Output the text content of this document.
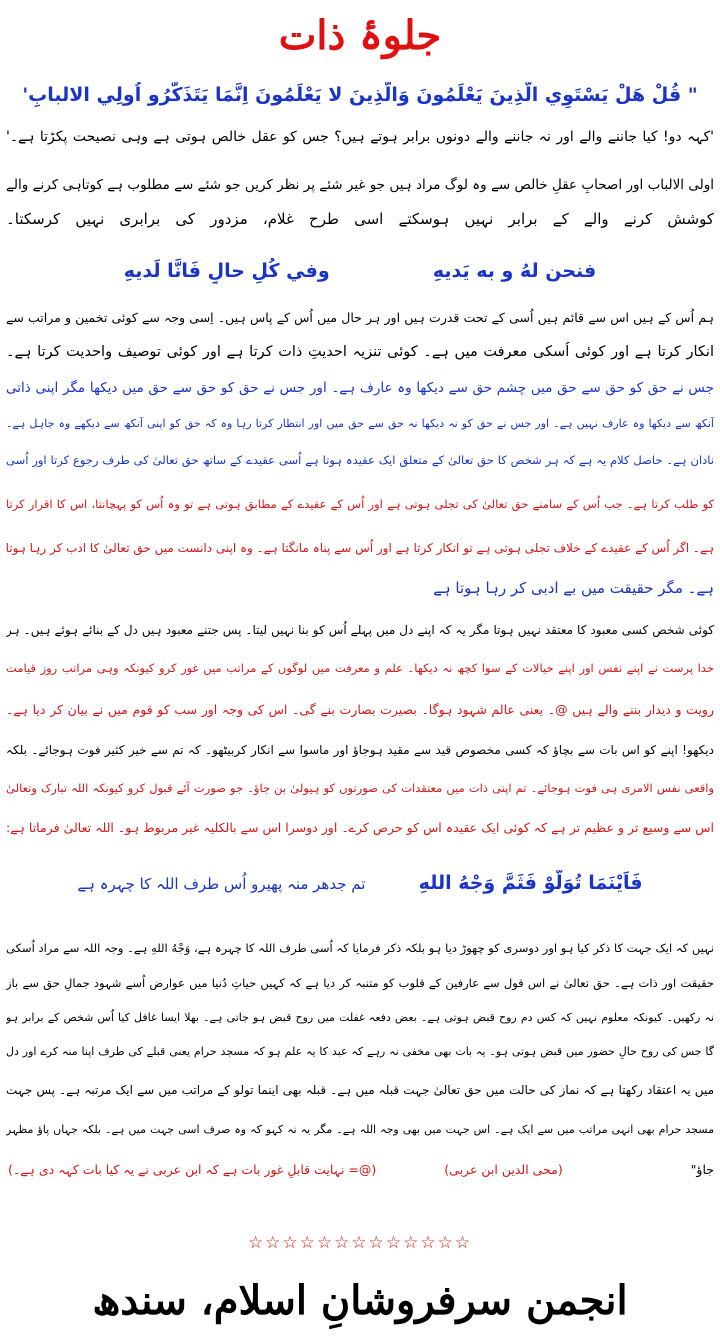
جلوۂ ذات
" قُلْ هَلْ يَسْتَوِي الَّذِينَ يَعْلَمُونَ وَالَّذِينَ لا يَعْلَمُونَ اِنَّمَا يَتَذَكَّرُو اُولِي الالبابِ'
'کہہ دو! کیا جاننے والے اور نہ جاننے والے دونوں برابر ہوتے ہیں؟ جس کو عقل خالص ہوتی ہے وہی نصیحت پکڑتا ہے۔'
اولی الالباب اور اصحابِ عقلِ خالص سے وہ لوگ مراد ہیں جو غیر شئے پر نظر کریں جو شئے سے مطلوب ہے کوتاہی کرنے والے
کوشش کرنے والے کے برابر نہیں ہوسکتے اسی طرح غلام، مزدور کی برابری نہیں کرسکتا۔
فنحن لهُ و به يَديهِ  وفي كُلِ حالٍ فَانَّا لَديهِ
ہم اُس کے ہیں اس سے قائم ہیں اُسی کے تحت قدرت ہیں اور ہر حال میں اُس کے پاس ہیں۔ اِسی وجہ سے کوئی تخمین و مراتب سے
انکار کرتا ہے اور کوئی اُسکی معرفت میں ہے۔ کوئی تنزیہ احدیتِ ذات کرتا ہے اور کوئی توصیف واحدیت کرتا ہے۔
جس نے حق کو حق سے حق میں چشم حق سے دیکھا وہ عارف ہے۔ اور جس نے حق کو حق سے حق میں دیکھا مگر اپنی ذاتی
آنکھ سے دیکھا وہ عارف نہیں ہے۔ اور جس نے حق کو نہ دیکھا نہ حق سے حق میں اور انتظار کرتا رہا وہ کہ حق کو اپنی آنکھ سے دیکھے وہ جاہل ہے۔
نادان ہے۔ حاصل کلام یہ ہے کہ ہر شخص کا حق تعالیٰ کے متعلق ایک عقیدہ ہوتا ہے اُسی عقیدے کے ساتھ حق تعالیٰ کی طرف رجوع کرتا اور اُسی
کو طلب کرتا ہے۔ جب اُس کے سامنے حق تعالیٰ کی تجلی ہوتی ہے اور اُس کے عقیدے کے مطابق ہوتی ہے تو وہ اُس کو پہچانتا، اس کا اقرار کرتا
ہے۔ اگر اُس کے عقیدے کے خلاف تجلی ہوتی ہے تو انکار کرتا ہے اور اُس سے پناہ مانگتا ہے۔ وہ اپنی دانست میں حق تعالیٰ کا ادب کر رہا ہوتا
ہے۔ مگر حقیقت میں بے ادبی کر رہا ہوتا ہے
کوئی شخص کسی معبود کا معتقد نہیں ہوتا مگر یہ کہ اپنے دل میں پہلے اُس کو بنا نہیں لیتا۔ پس جتنے معبود ہیں دل کے بنائے ہوئے ہیں۔ ہر
خدا پرست نے اپنے نفس اور اپنے خیالات کے سوا کچھ نہ دیکھا۔ علم و معرفت میں لوگوں کے مراتب میں غور کرو کیونکہ وہی مراتب روز قیامت
رویت و دیدار بننے والے ہیں @۔ یعنی عالم شہود ہوگا۔ بصیرت بصارت بنے گی۔ اس کی وجہ اور سب کو قوم میں نے بیان کر دیا ہے۔
دیکھو! اپنے کو اس بات سے بچاؤ کہ کسی مخصوص قید سے مقید ہوجاؤ اور ماسوا سے انکار کربیٹھو۔ کہ تم سے خیر کثیر فوت ہوجائے۔ بلکہ
واقعی نفس الامری ہی فوت ہوجائے۔ تم اپنی ذات میں معتقدات کی صورتوں کو ہیولیٰ بن جاؤ۔ جو صورت آئے قبول کرو کیونکہ اللہ تبارک وتعالیٰ
اس سے وسیع تر و عظیم تر ہے کہ کوئی ایک عقیدہ اس کو حرص کرے۔ اور دوسرا اس سے بالکلیہ غیر مربوط ہو۔ اللہ تعالیٰ فرماتا ہے:
فَاَيْنَمَا تُوَلُّوْ فَثَمَّ وَجْهُ اللهِ  تم جدھر منہ پھیرو اُس طرف اللہ کا چہرہ ہے
نہیں کہ ایک جہت کا ذکر کیا ہو اور دوسری کو چھوڑ دیا ہو بلکہ ذکر فرمایا کہ اُسی طرف اللہ کا چہرہ ہے، وَجْهُ اللهِ ہے۔ وجہ اللہ سے مراد اُسکی
حقیقت اور ذات ہے۔ حق تعالیٰ نے اس قول سے عارفین کے قلوب کو متنبہ کر دیا ہے کہ کہیں حیاتِ دُنیا میں عوارض اُسے شہود جمالِ حق سے باز
نہ رکھیں۔ کیونکہ معلوم نہیں کہ کس دم روح قبض ہوتی ہے۔ بعض دفعہ غفلت میں روح قبض ہو جاتی ہے۔ بھلا ایسا غافل کیا اُس شخص کے برابر ہو
گا جس کی روح حالِ حضور میں قبض ہوتی ہو۔ یہ بات بھی مخفی نہ رہے کہ عبد کا یہ علم ہو کہ مسجد حرام یعنی قبلے کی طرف اپنا منہ کرے اور دل
میں یہ اعتقاد رکھتا ہے کہ نماز کی حالت میں حق تعالیٰ جہت قبلہ میں ہے۔ قبلہ بھی اینما تولو کے مراتب میں سے ایک مرتبہ ہے۔ پس جہت
مسجد حرام بھی انہی مراتب میں سے ایک ہے۔ اس جہت میں بھی وجہ اللہ ہے۔ مگر یہ نہ کہو کہ وہ صرف اسی جہت میں ہے۔ بلکہ جہاں پاؤ مظہر
جاؤ"  (محی الدین ابن عربی)  (@= نہایت قابلِ غور بات ہے کہ ابن عربی نے یہ کیا بات کہہ دی ہے۔)
☆☆☆☆☆☆☆☆☆☆☆☆☆
انجمن سرفروشانِ اسلام، سندھ
